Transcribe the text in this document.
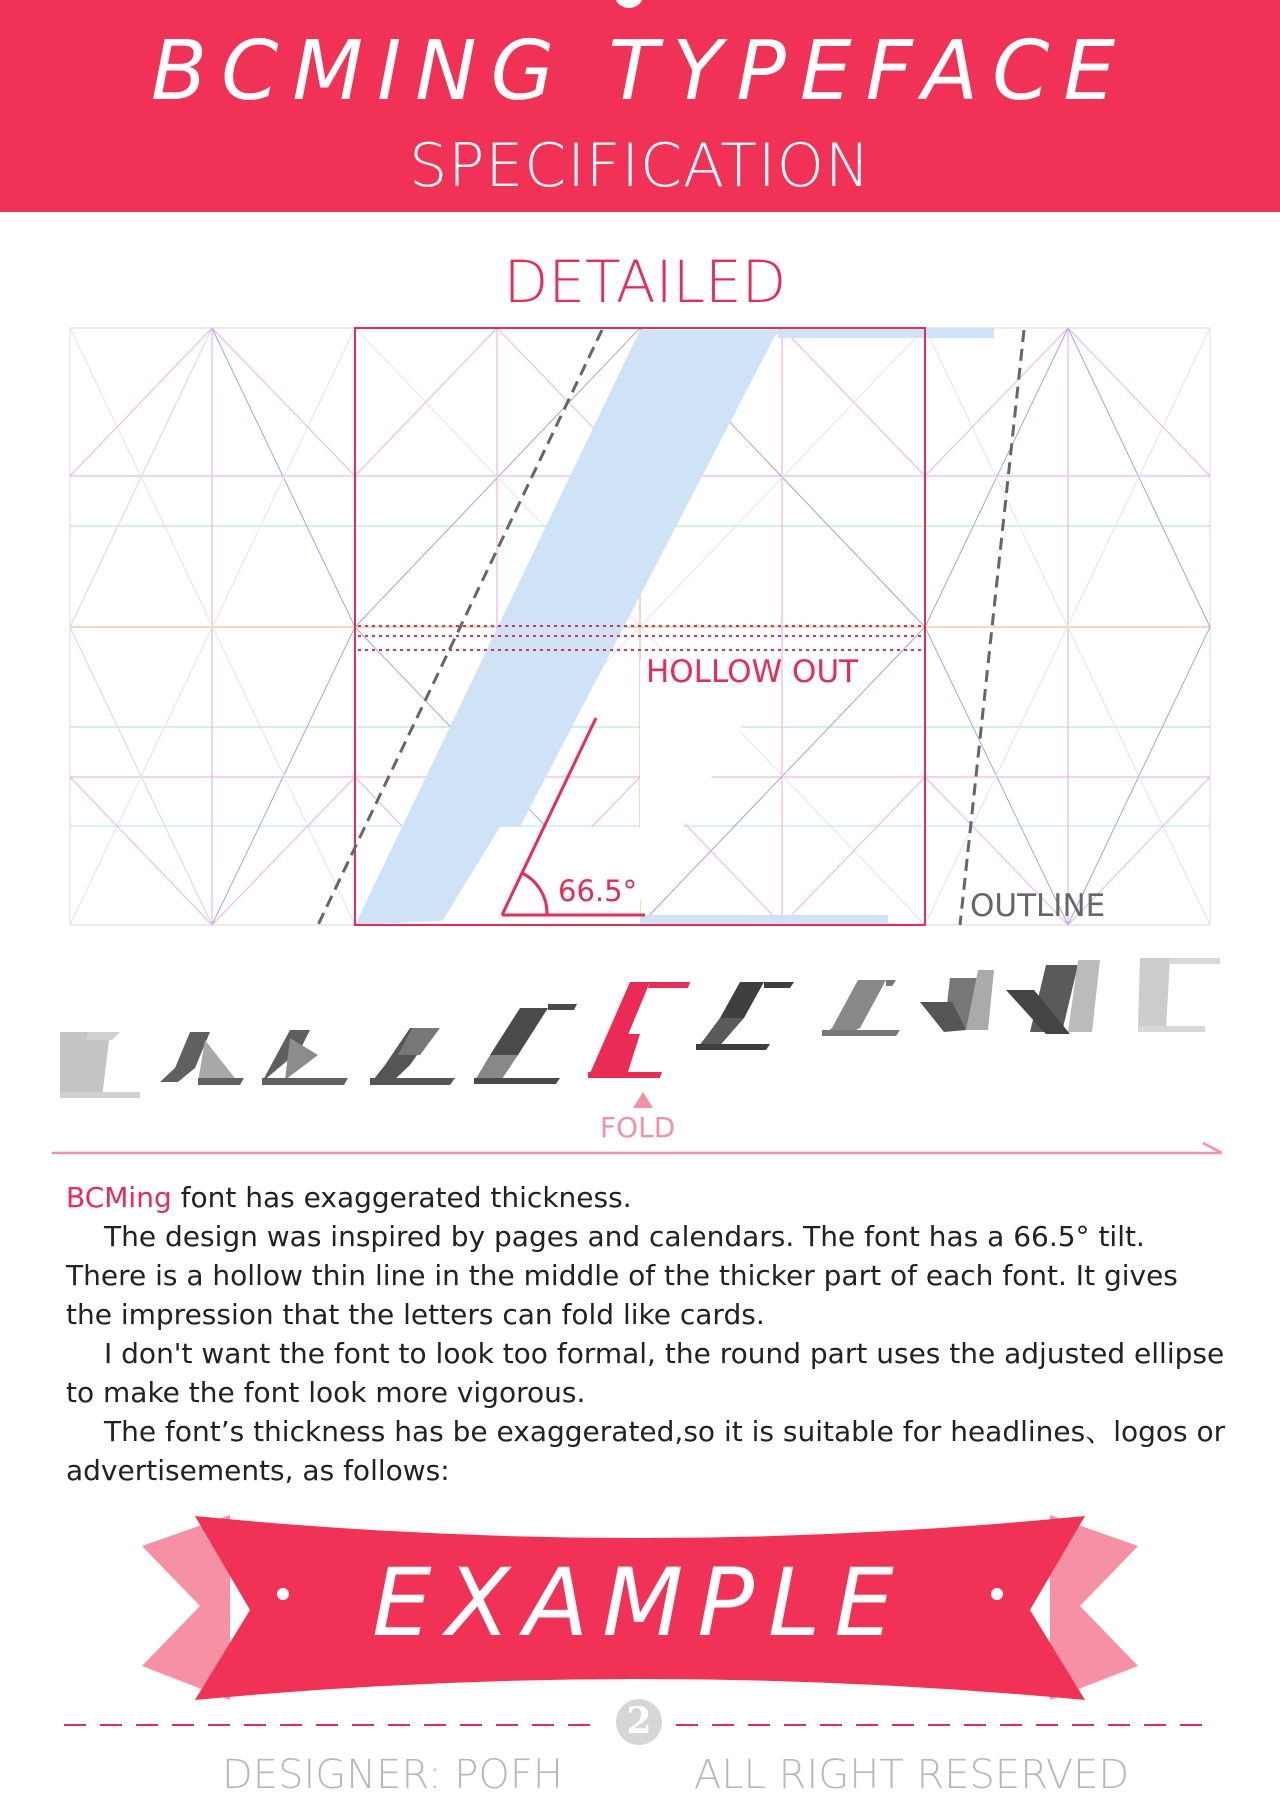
BCMING TYPEFACE
SPECIFICATION
DETAILED
HOLLOW OUT
66.5°	OUTLINE
FOLD

BCMing font has exaggerated thickness.

The design was inspired by pages and calendars. The font has a 66.5° tilt. There is a hollow thin line in the middle of the thicker part of each font. It gives the impression that the letters can fold like cards.

I don't want the font to look too formal, the round part uses the adjusted ellipse to make the font look more vigorous.

The font’s thickness has be exaggerated,so it is suitable for headlines、logos or advertisements, as follows:

EXAMPLE
2
DESIGNER: POFH	ALL RIGHT RESERVED
